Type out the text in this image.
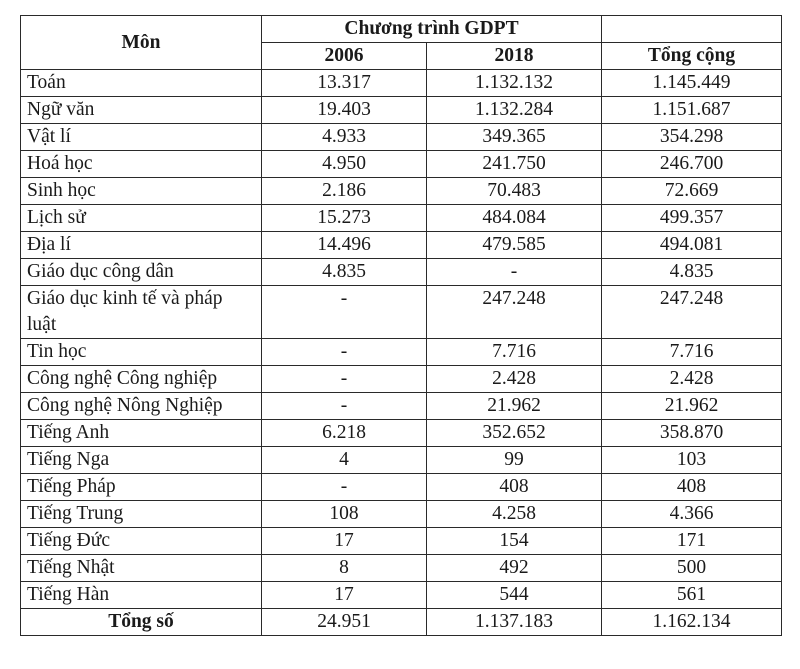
Môn	Chương trình GDPT		
	2006	2018	Tổng cộng
Toán	13.317	1.132.132	1.145.449
Ngữ văn	19.403	1.132.284	1.151.687
Vật lí	4.933	349.365	354.298
Hoá học	4.950	241.750	246.700
Sinh học	2.186	70.483	72.669
Lịch sử	15.273	484.084	499.357
Địa lí	14.496	479.585	494.081
Giáo dục công dân	4.835	-	4.835
Giáo dục kinh tế và pháp luật	-	247.248	247.248
Tin học	-	7.716	7.716
Công nghệ Công nghiệp	-	2.428	2.428
Công nghệ Nông Nghiệp	-	21.962	21.962
Tiếng Anh	6.218	352.652	358.870
Tiếng Nga	4	99	103
Tiếng Pháp	-	408	408
Tiếng Trung	108	4.258	4.366
Tiếng Đức	17	154	171
Tiếng Nhật	8	492	500
Tiếng Hàn	17	544	561
Tổng số	24.951	1.137.183	1.162.134
